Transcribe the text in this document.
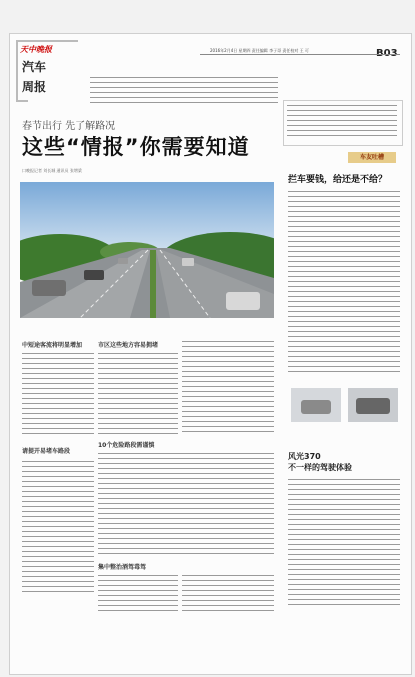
天中晚报
汽车
周报
2016年2月4日 星期四 责任编辑 李子哥 责任校对 王 可	B03
春节出行 先了解路况
这些“情报”你需要知道
口晚报记者 刘长城 通讯员 张增梁
中短途客流将明显增加
请提开易堵车路段
市区这些地方容易拥堵
10个危险路段需谨慎
集中整治酒驾毒驾
车友吐槽
拦车要钱，给还是不给？
风光370
不一样的驾驶体验
